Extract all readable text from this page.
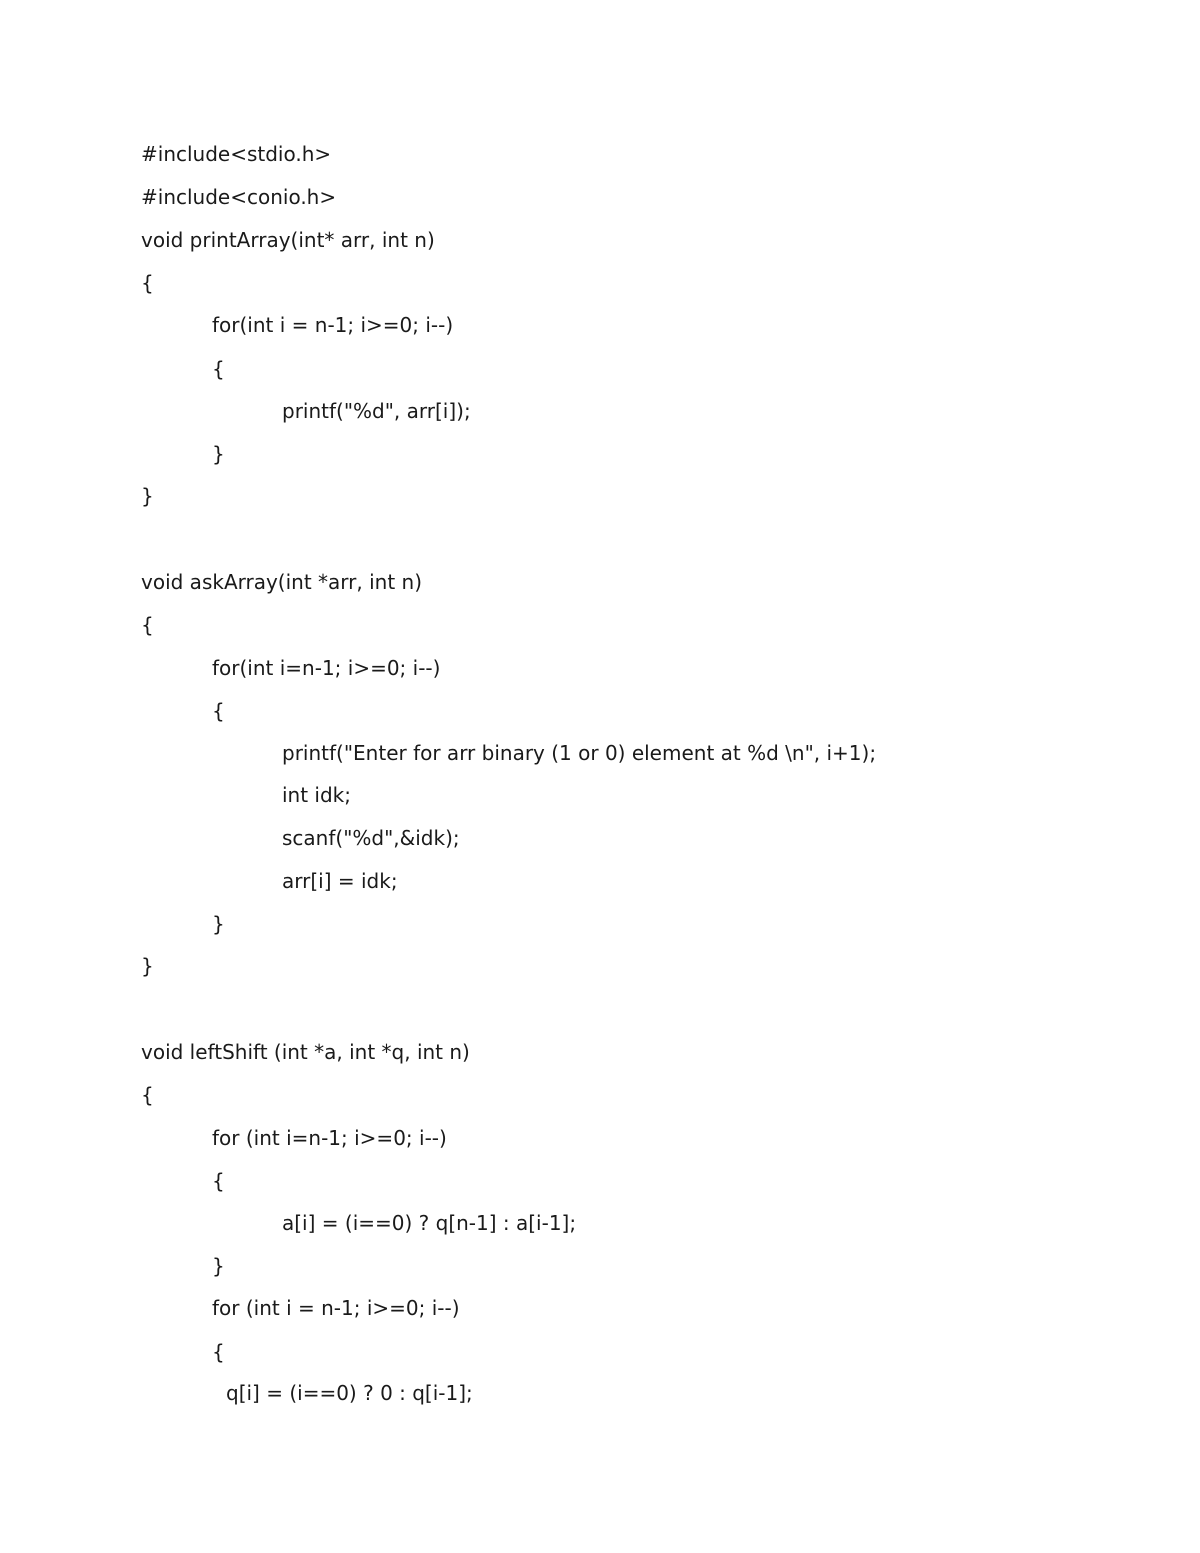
#include<stdio.h>

#include<conio.h>

void printArray(int* arr, int n)

{

for(int i = n-1; i>=0; i--)

{

printf("%d", arr[i]);

}

}

void askArray(int *arr, int n)

{

for(int i=n-1; i>=0; i--)

{

printf("Enter for arr binary (1 or 0) element at %d \n", i+1);

int idk;

scanf("%d",&idk);

arr[i] = idk;

}

}

void leftShift (int *a, int *q, int n)

{

for (int i=n-1; i>=0; i--)

{

a[i] = (i==0) ? q[n-1] : a[i-1];

}

for (int i = n-1; i>=0; i--)

{

q[i] = (i==0) ? 0 : q[i-1];
